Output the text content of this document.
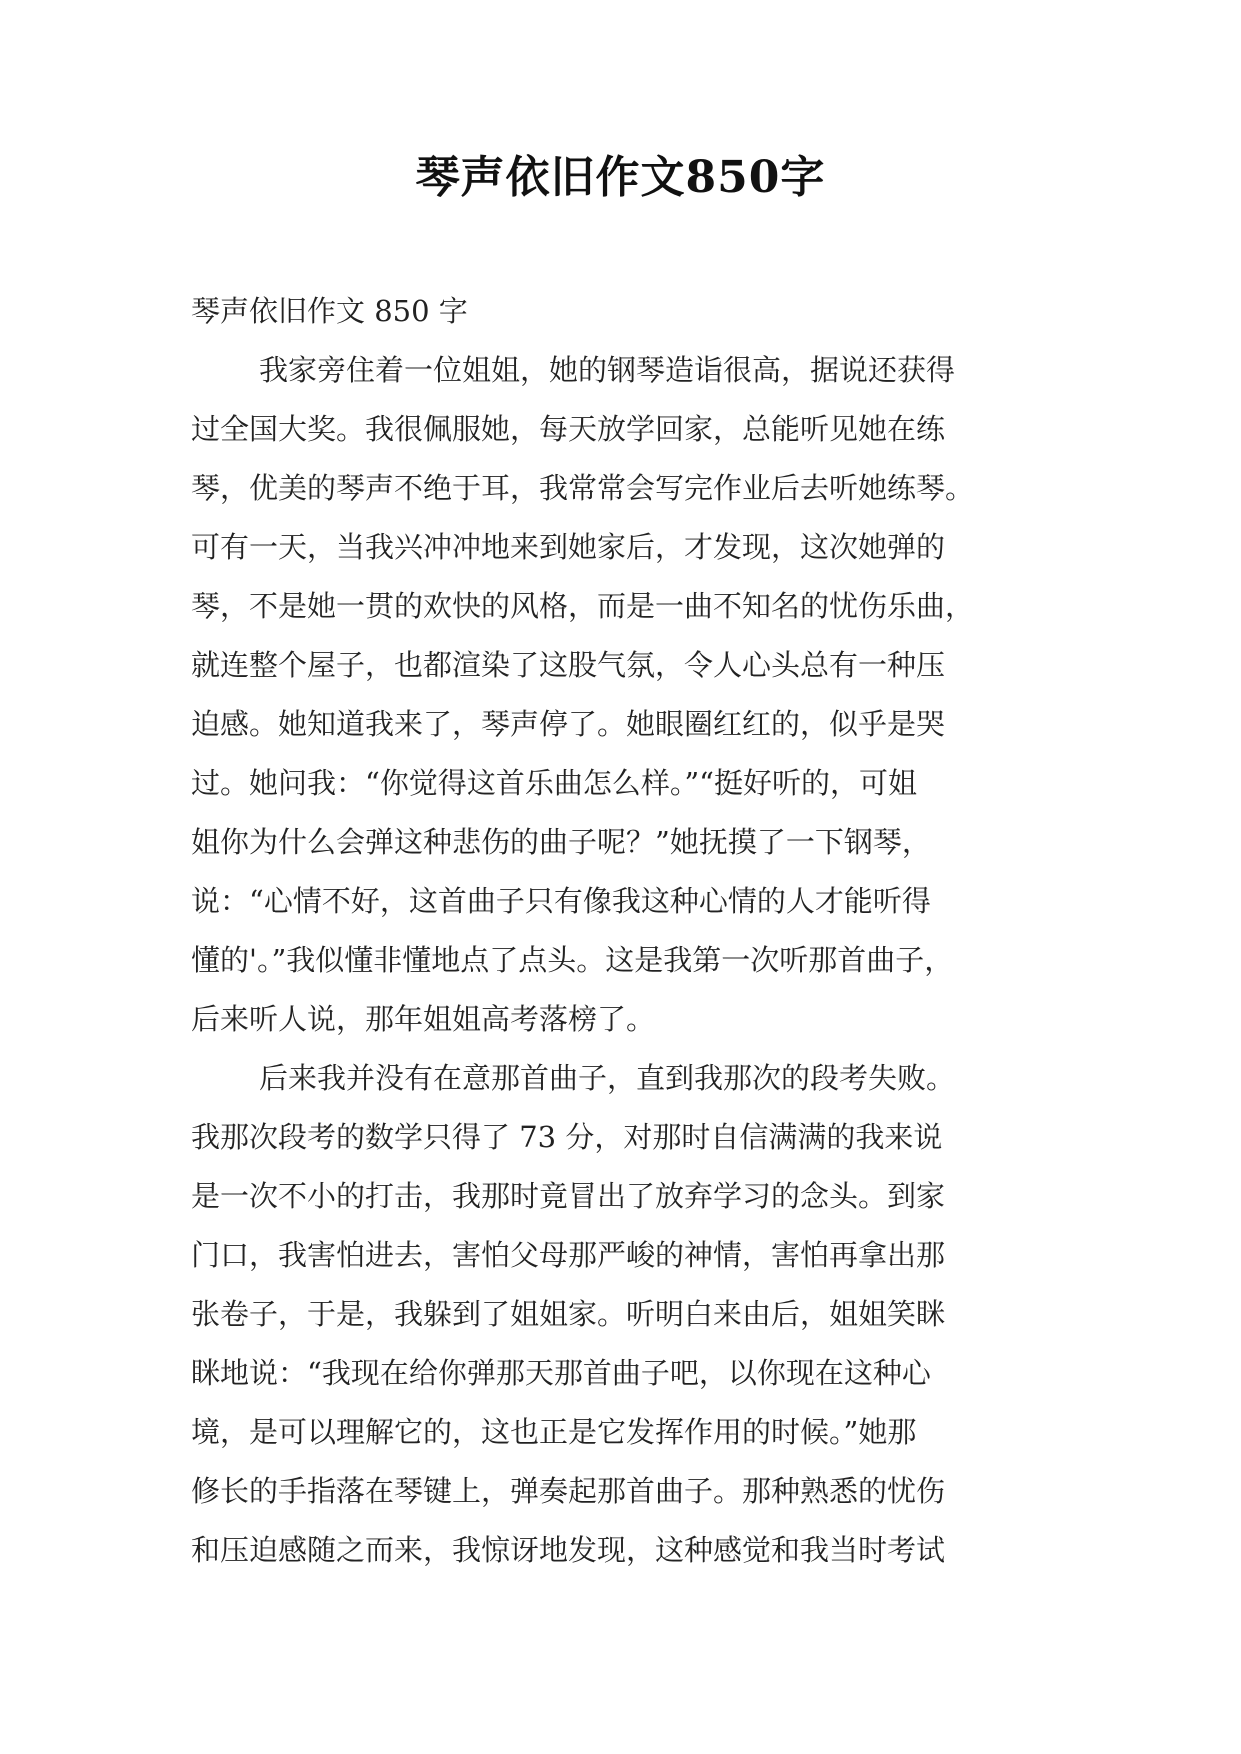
琴声依旧作文850字
琴声依旧作文 850 字
我家旁住着一位姐姐，她的钢琴造诣很高，据说还获得
过全国大奖。我很佩服她，每天放学回家，总能听见她在练
琴，优美的琴声不绝于耳，我常常会写完作业后去听她练琴。
可有一天，当我兴冲冲地来到她家后，才发现，这次她弹的
琴，不是她一贯的欢快的风格，而是一曲不知名的忧伤乐曲，
就连整个屋子，也都渲染了这股气氛，令人心头总有一种压
迫感。她知道我来了，琴声停了。她眼圈红红的，似乎是哭
过。她问我：“你觉得这首乐曲怎么样。”“挺好听的，可姐
姐你为什么会弹这种悲伤的曲子呢？”她抚摸了一下钢琴，
说：“心情不好，这首曲子只有像我这种心情的人才能听得
懂的'。”我似懂非懂地点了点头。这是我第一次听那首曲子，
后来听人说，那年姐姐高考落榜了。
后来我并没有在意那首曲子，直到我那次的段考失败。
我那次段考的数学只得了 73 分，对那时自信满满的我来说
是一次不小的打击，我那时竟冒出了放弃学习的念头。到家
门口，我害怕进去，害怕父母那严峻的神情，害怕再拿出那
张卷子，于是，我躲到了姐姐家。听明白来由后，姐姐笑眯
眯地说：“我现在给你弹那天那首曲子吧，以你现在这种心
境，是可以理解它的，这也正是它发挥作用的时候。”她那
修长的手指落在琴键上，弹奏起那首曲子。那种熟悉的忧伤
和压迫感随之而来，我惊讶地发现，这种感觉和我当时考试
